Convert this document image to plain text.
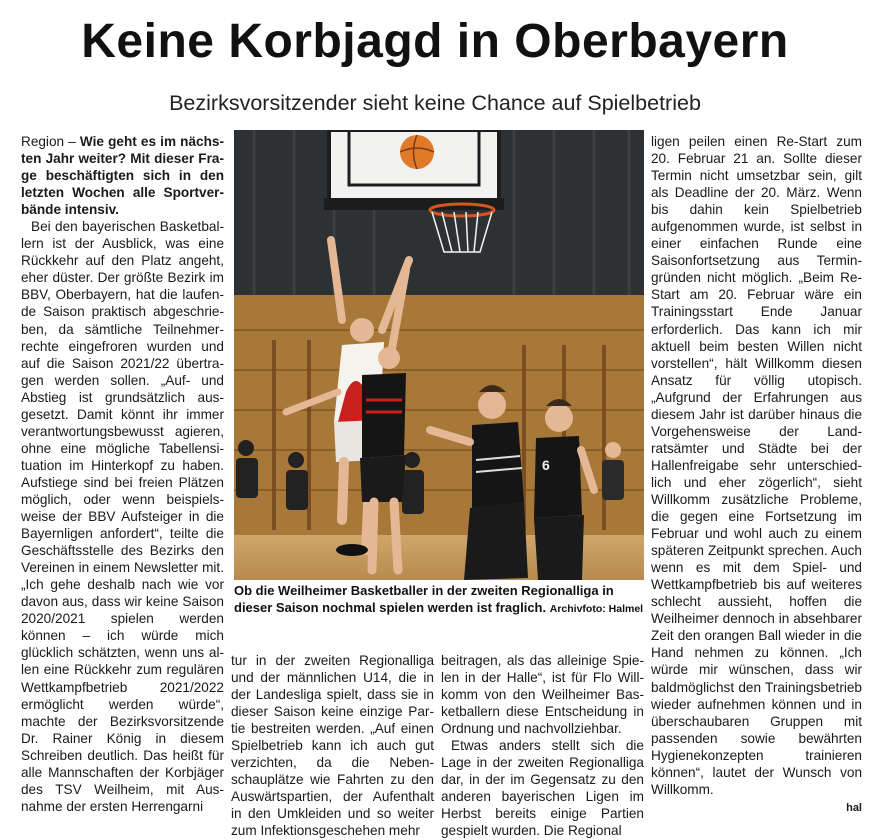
Keine Korbjagd in Oberbayern
Bezirksvorsitzender sieht keine Chance auf Spielbetrieb

Region – Wie geht es im nächsten Jahr weiter? Mit dieser Frage beschäftigten sich in den letzten Wochen alle Sportverbände intensiv.

Bei den bayerischen Basketballern ist der Ausblick, was eine Rückkehr auf den Platz angeht, eher düster. Der größte Bezirk im BBV, Oberbayern, hat die laufende Saison praktisch abgeschrieben, da sämtliche Teilnehmerrechte eingefroren wurden und auf die Saison 2021/22 übertragen werden sollen. „Auf- und Abstieg ist grundsätzlich ausgesetzt. Damit könnt ihr immer verantwortungsbewusst agieren, ohne eine mögliche Tabellensituation im Hinterkopf zu haben. Aufstiege sind bei freien Plätzen möglich, oder wenn beispielsweise der BBV Aufsteiger in die Bayernligen anfordert“, teilte die Geschäftsstelle des Bezirks den Vereinen in einem Newsletter mit. „Ich gehe deshalb nach wie vor davon aus, dass wir keine Saison 2020/2021 spielen werden können – ich würde mich glücklich schätzten, wenn uns allen eine Rückkehr zum regulären Wettkampfbetrieb 2021/2022 ermöglicht werden würde“, machte der Bezirksvorsitzende Dr. Rainer König in diesem Schreiben deutlich. Das heißt für alle Mannschaften der Korbjäger des TSV Weilheim, mit Ausnahme der ersten Herrengarni

6
Ob die Weilheimer Basketballer in der zweiten Regionalliga in dieser Saison nochmal spielen werden ist fraglich. Archivfoto: Halmel

tur in der zweiten Regionalliga und der männlichen U14, die in der Landesliga spielt, dass sie in dieser Saison keine einzige Partie bestreiten werden. „Auf einen Spielbetrieb kann ich auch gut verzichten, da die Nebenschauplätze wie Fahrten zu den Auswärtspartien, der Aufenthalt in den Umkleiden und so weiter zum Infektionsgeschehen mehr

beitragen, als das alleinige Spielen in der Halle“, ist für Flo Willkomm von den Weilheimer Basketballern diese Entscheidung in Ordnung und nachvollziehbar.

Etwas anders stellt sich die Lage in der zweiten Regionalliga dar, in der im Gegensatz zu den anderen bayerischen Ligen im Herbst bereits einige Partien gespielt wurden. Die Regional

ligen peilen einen Re-Start zum 20. Februar 21 an. Sollte dieser Termin nicht umsetzbar sein, gilt als Deadline der 20. März. Wenn bis dahin kein Spielbetrieb aufgenommen wurde, ist selbst in einer einfachen Runde eine Saisonfortsetzung aus Termingründen nicht möglich. „Beim Re-Start am 20. Februar wäre ein Trainingsstart Ende Januar erforderlich. Das kann ich mir aktuell beim besten Willen nicht vorstellen“, hält Willkomm diesen Ansatz für völlig utopisch. „Aufgrund der Erfahrungen aus diesem Jahr ist darüber hinaus die Vorgehensweise der Landratsämter und Städte bei der Hallenfreigabe sehr unterschiedlich und eher zögerlich“, sieht Willkomm zusätzliche Probleme, die gegen eine Fortsetzung im Februar und wohl auch zu einem späteren Zeitpunkt sprechen. Auch wenn es mit dem Spiel- und Wettkampfbetrieb bis auf weiteres schlecht aussieht, hoffen die Weilheimer dennoch in absehbarer Zeit den orangen Ball wieder in die Hand nehmen zu können. „Ich würde mir wünschen, dass wir baldmöglichst den Trainingsbetrieb wieder aufnehmen können und in überschaubaren Gruppen mit passenden sowie bewährten Hygienekonzepten trainieren können“, lautet der Wunsch von Willkomm.

hal
